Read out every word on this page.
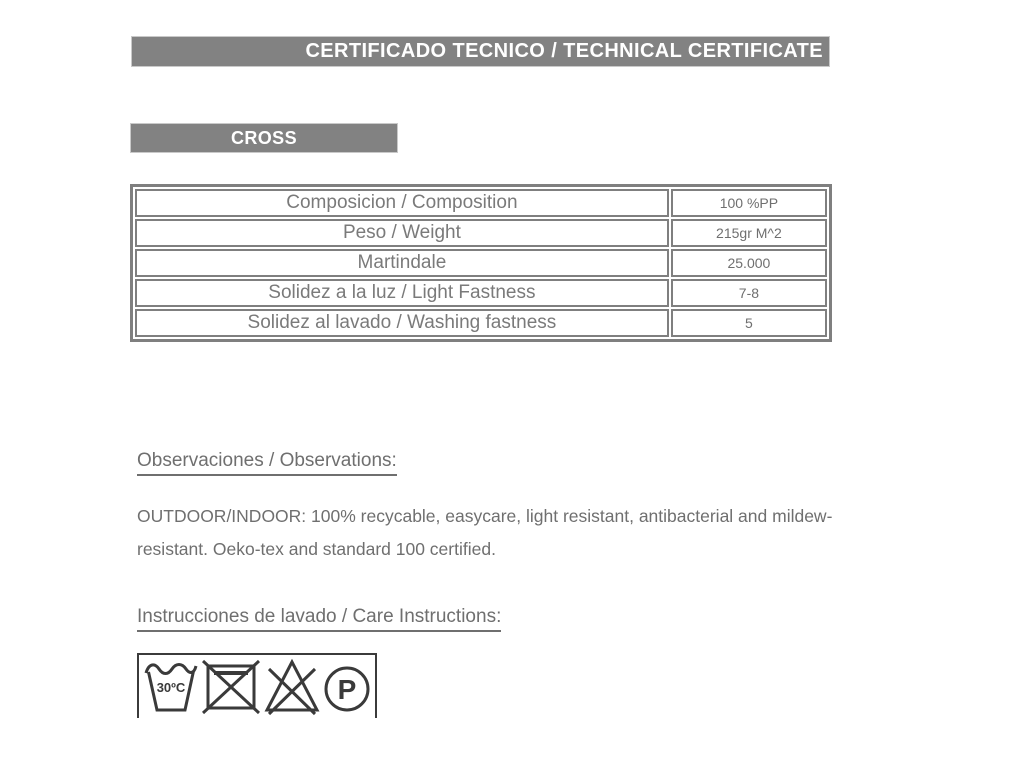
CERTIFICADO TECNICO / TECHNICAL CERTIFICATE
CROSS
Composicion / Composition	100 %PP
Peso / Weight	215gr M^2
Martindale	25.000
Solidez a la luz / Light Fastness	7-8
Solidez al lavado / Washing fastness	5
Observaciones / Observations:

OUTDOOR/INDOOR: 100% recycable, easycare, light resistant, antibacterial and mildew-resistant. Oeko-tex and standard 100 certified.

Instrucciones de lavado / Care Instructions:
30ºC	P
